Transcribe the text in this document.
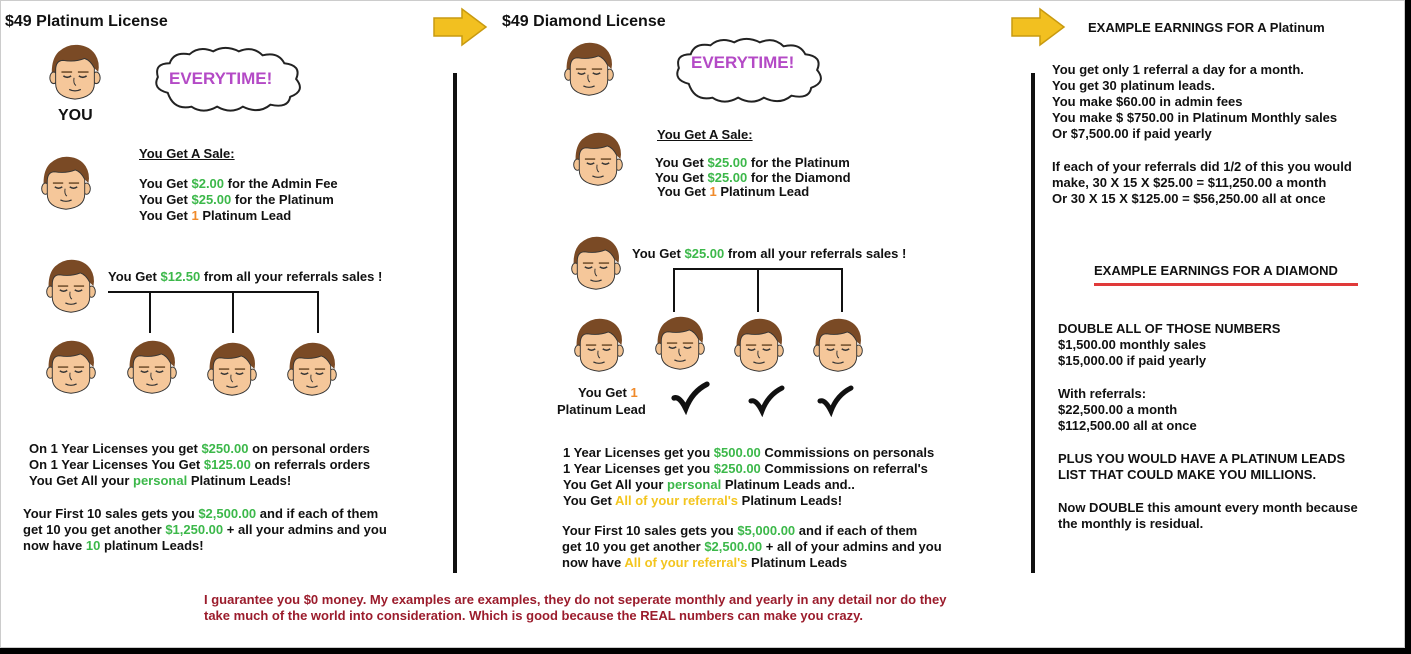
$49 Platinum License
YOU
EVERYTIME!
You Get A Sale:
You Get $2.00 for the Admin Fee
You Get $25.00 for the Platinum
You Get 1 Platinum Lead
You Get $12.50 from all your referrals sales !
On 1 Year Licenses you get $250.00 on personal orders
On 1 Year Licenses You Get $125.00 on referrals orders
You Get All your personal Platinum Leads!
Your First 10 sales gets you $2,500.00 and if each of them
get 10 you get another $1,250.00 + all your admins and you
now have 10 platinum Leads!
$49 Diamond License
EVERYTIME!
You Get A Sale:
You Get $25.00 for the Platinum
You Get $25.00 for the Diamond
You Get 1 Platinum Lead
You Get $25.00 from all your referrals sales !
You Get 1
Platinum Lead
1 Year Licenses get you $500.00 Commissions on personals
1 Year Licenses get you $250.00 Commissions on referral's
You Get All your personal Platinum Leads and..
You Get All of your referral's Platinum Leads!
Your First 10 sales gets you $5,000.00 and if each of them
get 10 you get another $2,500.00 + all of your admins and you
now have All of your referral's Platinum Leads
EXAMPLE EARNINGS FOR A Platinum
You get only 1 referral a day for a month.
You get 30 platinum leads.
You make $60.00 in admin fees
You make $ $750.00 in Platinum Monthly sales
Or $7,500.00 if paid yearly
If each of your referrals did 1/2 of this you would
make, 30 X 15 X $25.00 = $11,250.00 a month
Or 30 X 15 X $125.00 = $56,250.00 all at once
EXAMPLE EARNINGS FOR A DIAMOND
DOUBLE ALL OF THOSE NUMBERS
$1,500.00 monthly sales
$15,000.00 if paid yearly
With referrals:
$22,500.00 a month
$112,500.00 all at once
PLUS YOU WOULD HAVE A PLATINUM LEADS
LIST THAT COULD MAKE YOU MILLIONS.
Now DOUBLE this amount every month because
the monthly is residual.
I guarantee you $0 money. My examples are examples, they do not seperate monthly and yearly in any detail nor do they
take much of the world into consideration. Which is good because the REAL numbers can make you crazy.
